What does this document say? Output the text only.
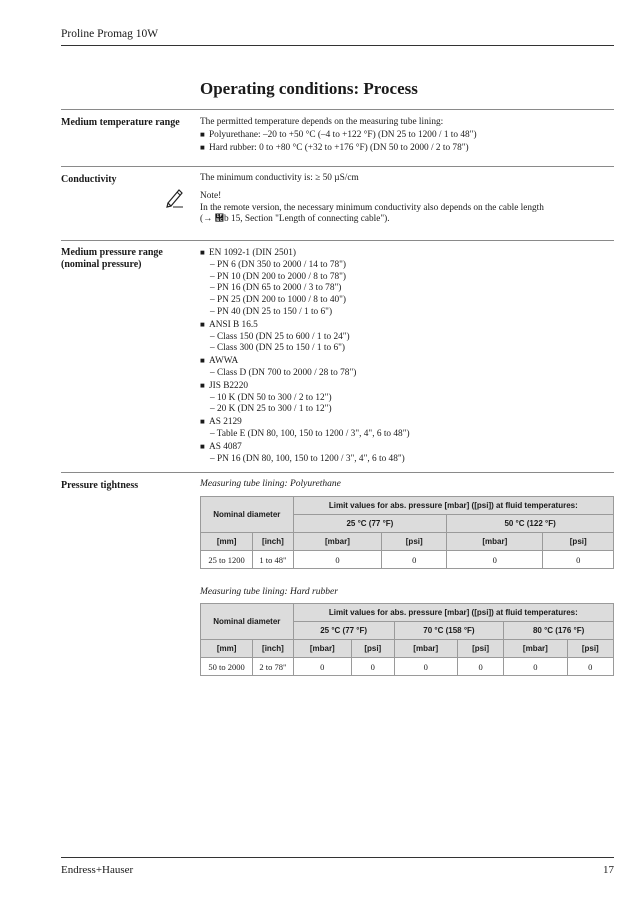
Proline Promag 10W
Operating conditions: Process
Medium temperature range The permitted temperature depends on the measuring tube lining:
■ Polyurethane: –20 to +50 °C (–4 to +122 °F) (DN 25 to 1200 / 1 to 48")
■ Hard rubber: 0 to +80 °C (+32 to +176 °F) (DN 50 to 2000 / 2 to 78")
Conductivity	The minimum conductivity is: ≥ 50 µS/cm
Note!
In the remote version, the necessary minimum conductivity also depends on the cable length
(→ ὜b 15, Section "Length of connecting cable").
Medium pressure range
(nominal pressure)
■ EN 1092-1 (DIN 2501)
– PN 6 (DN 350 to 2000 / 14 to 78")
– PN 10 (DN 200 to 2000 / 8 to 78")
– PN 16 (DN 65 to 2000 / 3 to 78")
– PN 25 (DN 200 to 1000 / 8 to 40")
– PN 40 (DN 25 to 150 / 1 to 6")
■ ANSI B 16.5
– Class 150 (DN 25 to 600 / 1 to 24")
– Class 300 (DN 25 to 150 / 1 to 6")
■ AWWA
– Class D (DN 700 to 2000 / 28 to 78")
■ JIS B2220
– 10 K (DN 50 to 300 / 2 to 12")
– 20 K (DN 25 to 300 / 1 to 12")
■ AS 2129
– Table E (DN 80, 100, 150 to 1200 / 3", 4", 6 to 48")
■ AS 4087
– PN 16 (DN 80, 100, 150 to 1200 / 3", 4", 6 to 48")
Pressure tightness	Measuring tube lining: Polyurethane
Nominal diameter		Limit values for abs. pressure [mbar] ([psi]) at fluid temperatures:			
		25 °C (77 °F)		50 °C (122 °F)	
[mm]	[inch]	[mbar]	[psi]	[mbar]	[psi]
25 to 1200	1 to 48"	0	0	0	0
Measuring tube lining: Hard rubber
Nominal diameter		Limit values for abs. pressure [mbar] ([psi]) at fluid temperatures:					
		25 °C (77 °F)		70 °C (158 °F)		80 °C (176 °F)	
[mm]	[inch]	[mbar]	[psi]	[mbar]	[psi]	[mbar]	[psi]
50 to 2000	2 to 78"	0	0	0	0	0	0
Endress+Hauser	17
